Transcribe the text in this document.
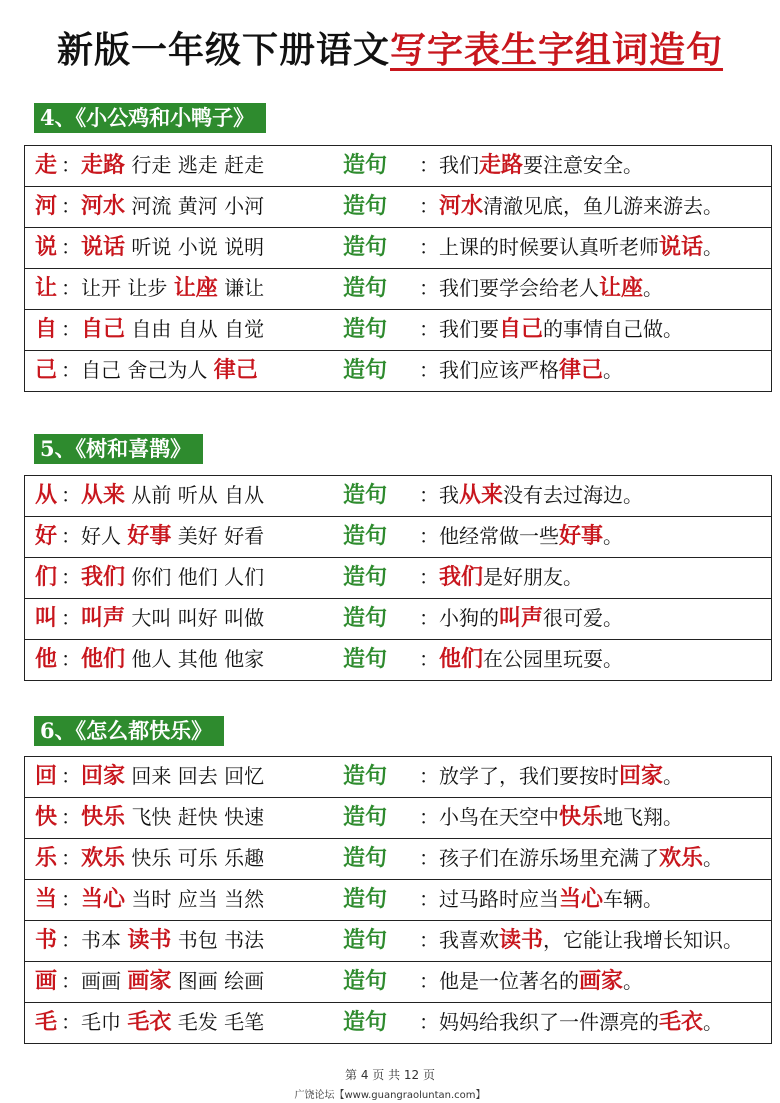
新版一年级下册语文写字表生字组词造句
4、《小公鸡和小鸭子》
走 ：走路 行走 逃走 赶走	造句 ：我们走路要注意安全。
河 ：河水 河流 黄河 小河	造句 ：河水清澈见底，鱼儿游来游去。
说 ：说话 听说 小说 说明	造句 ：上课的时候要认真听老师说话。
让 ：让开 让步 让座 谦让	造句 ：我们要学会给老人让座。
自 ：自己 自由 自从 自觉	造句 ：我们要自己的事情自己做。
己 ：自己 舍己为人 律己	造句 ：我们应该严格律己。
5、《树和喜鹊》
从 ：从来 从前 听从 自从	造句 ：我从来没有去过海边。
好 ：好人 好事 美好 好看	造句 ：他经常做一些好事。
们 ：我们 你们 他们 人们	造句 ：我们是好朋友。
叫 ：叫声 大叫 叫好 叫做	造句 ：小狗的叫声很可爱。
他 ：他们 他人 其他 他家	造句 ：他们在公园里玩耍。
6、《怎么都快乐》
回 ：回家 回来 回去 回忆	造句 ：放学了，我们要按时回家。
快 ：快乐 飞快 赶快 快速	造句 ：小鸟在天空中快乐地飞翔。
乐 ：欢乐 快乐 可乐 乐趣	造句 ：孩子们在游乐场里充满了欢乐。
当 ：当心 当时 应当 当然	造句 ：过马路时应当当心车辆。
书 ：书本 读书 书包 书法	造句 ：我喜欢读书，它能让我增长知识。
画 ：画画 画家 图画 绘画	造句 ：他是一位著名的画家。
毛 ：毛巾 毛衣 毛发 毛笔	造句 ：妈妈给我织了一件漂亮的毛衣。
第 4 页 共 12 页
广饶论坛【www.guangraoluntan.com】
